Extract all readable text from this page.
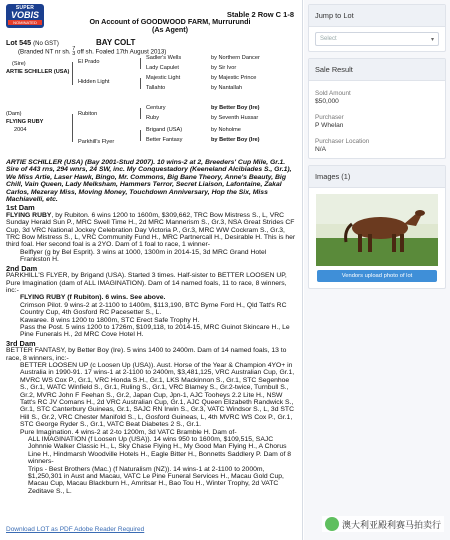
SUPER
VOBIS
NOMINATED	On Account of GOODWOOD FARM, Murrurundi
(As Agent)
Stable 2 Row C 1-8
Lot 545 (No GST)	BAY COLT
(Branded NT nr sh. 7
3 off sh. Foaled 17th August 2013)
(Sire)
ARTIE SCHILLER (USA)
(Dam)
FLYING RUBY
2004
El Prado
Hidden Light
Rubiton
Parkhill's Flyer
Sadler's Wells	by Northern Dancer
Lady Capulet	by Sir Ivor
Majestic Light	by Majestic Prince
Tallahto	by Nantallah
Century	by Better Boy (Ire)
Ruby	by Seventh Hussar
Brigand (USA)	by Noholme
Better Fantasy	by Better Boy (Ire)

ARTIE SCHILLER (USA) (Bay 2001-Stud 2007). 10 wins-2 at 2, Breeders' Cup Mile, Gr.1. Sire of 443 rns, 294 wnrs, 24 SW, inc. My Conquestadory (Keeneland Alcibiades S., Gr.1), We Miss Artie, Laser Hawk, Bingo, Mr. Commons, Big Bane Theory, Anne's Beauty, Big Chill, Vain Queen, Lady Melksham, Hammers Terror, Secret Liaison, Lafontaine, Zakal Carlos, Mezeray Miss, Moving Money, Touchdown Anniversary, Hop the Six, Miss Machiavelli, etc.

1st Dam

FLYING RUBY, by Rubiton. 6 wins 1200 to 1600m, $309,662, TRC Bow Mistress S., L, VRC Sunday Herald Sun P., MRC Swell Time H., 2d MRC Mannerism S., Gr.3, NSA Great Strides CF Cup, 3d VRC National Jockey Celebration Day Victoria P., Gr.3, MRC WW Cockram S., Gr.3, TRC Bow Mistress S., L, VRC Community Fund H., MRC Partnercall H., Desirable H. This is her third foal. Her second foal is a 2YO. Dam of 1 foal to race, 1 winner-

Belflyer (g by Bel Esprit). 3 wins at 1000, 1300m in 2014-15, 3d MRC Grand Hotel Frankston H.

2nd Dam

PARKHILL'S FLYER, by Brigand (USA). Started 3 times. Half-sister to BETTER LOOSEN UP, Pure Imagination (dam of ALL IMAGINATION). Dam of 14 named foals, 11 to race, 8 winners, inc:-

FLYING RUBY (f Rubiton). 6 wins. See above.

Crimson Pilot. 9 wins-2 at 2-1100 to 1400m, $113,190, BTC Byrne Ford H., Qld Tatt's RC Country Cup, 4th Gosford RC Pacesetter S., L.

Kawaree. 8 wins 1200 to 1800m, STC Erect Safe Trophy H.

Pass the Post. 5 wins 1200 to 1726m, $109,118, to 2014-15, MRC Guinot Skincare H., Le Pine Funerals H., 2d MRC Cove Hotel H.

3rd Dam

BETTER FANTASY, by Better Boy (Ire). 5 wins 1400 to 2400m. Dam of 14 named foals, 13 to race, 8 winners, inc:-

BETTER LOOSEN UP (c Loosen Up (USA)). Aust. Horse of the Year & Champion 4YO+ in Australia in 1990-91. 17 wins-1 at 2-1100 to 2400m, $3,481,125, VRC Australian Cup, Gr.1, MVRC WS Cox P., Gr.1, VRC Honda S.H., Gr.1, LKS Mackinnon S., Gr.1, STC Segenhoe S., Gr.1, WATC Winfield S., Gr.1, Ruling S., Gr.1, VRC Blamey S., Gr.2-twice, Turnbull S., Gr.2, MVRC John F Feehan S., Gr.2, Japan Cup, Jpn-1, AJC Tooheys 2.2 Lite H., NSW Tatt's RC JV Comans H., 2d VRC Australian Cup, Gr.1, AJC Queen Elizabeth Randwick S., Gr.1, STC Canterbury Guineas, Gr.1, SAJC RN Irwin S., Gr.3, VATC Windsor S., L, 3d STC Hill S., Gr.2, VRC Chester Manifold S., L, Gosford Guineas, L, 4th MVRC WS Cox P., Gr.1, STC George Ryder S., Gr.1, VATC Beat Diabetes 2 S., Gr.1.

Pure Imagination. 4 wins-2 at 2-to 1200m, 3d VATC Bramble H. Dam of-

ALL IMAGINATION (f Loosen Up (USA)). 14 wins 950 to 1600m, $109,515, SAJC Johnnie Walker Classic H., L, Sky Chase Flying H., My Good Man Flying H., A Chorus Line H., Hindmarsh Woodville Hotels H., Eagle Bitter H., Bonnetts Saddlery P. Dam of 8 winners-

Trips - Best Brothers (Mac.) (f Naturalism (NZ)). 14 wins-1 at 2-1100 to 2000m, $1,250,301 in Aust and Macau, VATC Le Pine Funeral Services H., Macau Gold Cup, Macau Cup, Macau Blackburn H., Amritsar H., Bao Tou H., Winter Trophy, 2d VATC Zeditave S., L.

Download LOT as PDF Adobe Reader Required
Jump to Lot
Select	▾
Sale Result
Sold Amount
$50,000
Purchaser
P Whelan
Purchaser Location
N/A
Images (1)
Vendors upload photo of lot
澳大利亚殿利赛马拍卖行
